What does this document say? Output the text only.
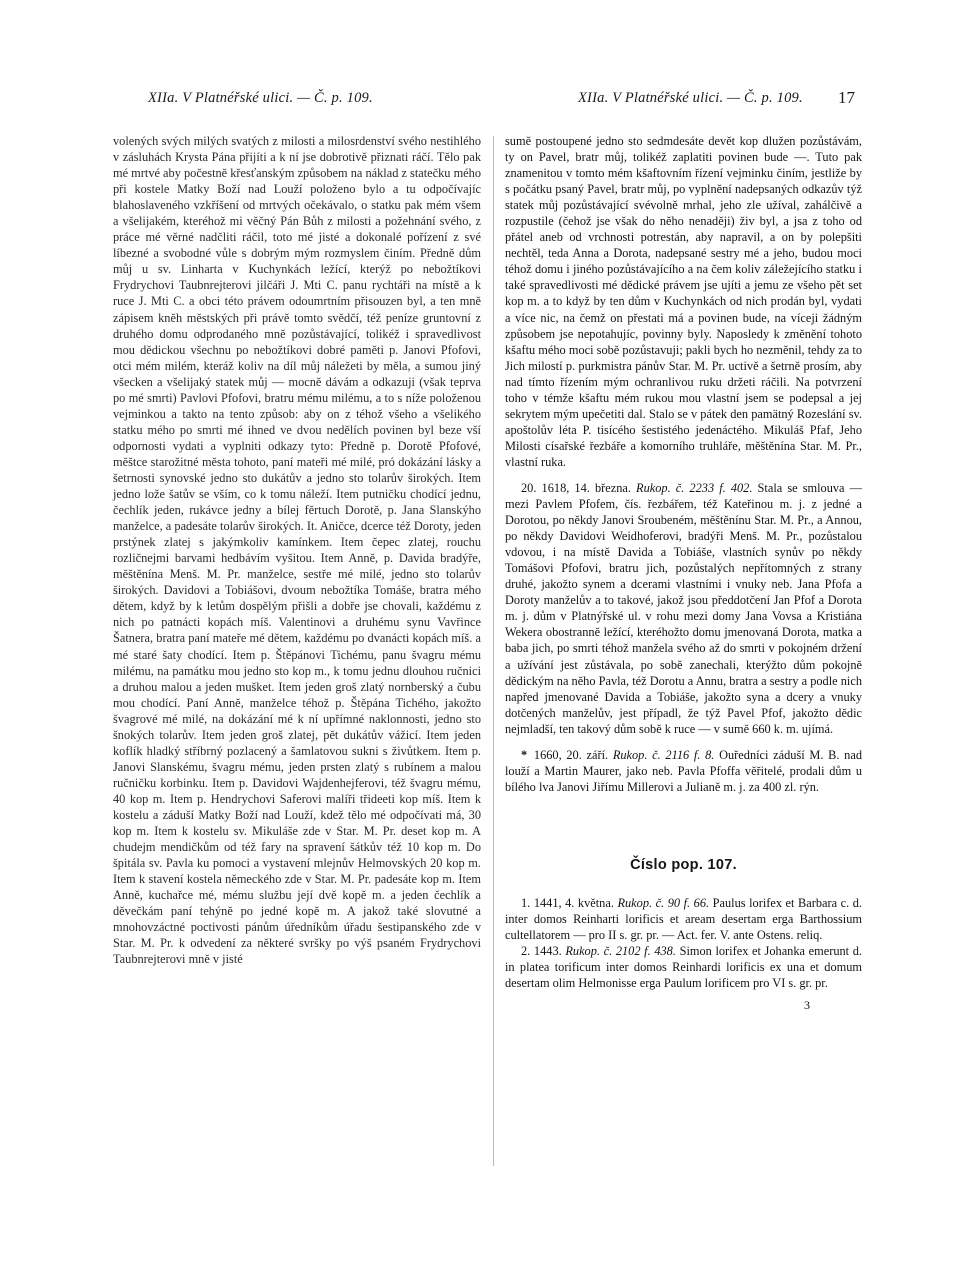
XIIa. V Platnéřské ulici. — Č. p. 109.	XIIa. V Platnéřské ulici. — Č. p. 109. 17

volených svých milých svatých z milosti a milosrdenství svého nestihlého v zásluhách Krysta Pána přijíti a k ní jse dobrotivě přiznati ráčí. Tělo pak mé mrtvé aby počestně křesťanským způsobem na náklad z statečku mého při kostele Matky Boží nad Louží položeno bylo a tu odpočívajíc blahoslaveného vzkříšení od mrtvých očekávalo, o statku pak mém všem a všelijakém, kteréhož mi věčný Pán Bůh z milosti a požehnání svého, z práce mé věrné nadčliti ráčil, toto mé jisté a dokonalé pořízení z své líbezné a svobodné vůle s dobrým mým rozmyslem činím. Předně dům můj u sv. Linharta v Kuchynkách ležící, kterýž po nebožtíkovi Frydrychovi Taubnrejterovi jilčáři J. Mti C. panu rychtáři na místě a k ruce J. Mti C. a obci této právem odoumrtním přisouzen byl, a ten mně zápisem kněh městských při právě tomto svědčí, též peníze gruntovní z druhého domu odprodaného mně pozůstávající, tolikéž i spravedlivost mou dědickou všechnu po nebožtíkovi dobré paměti p. Janovi Pfofovi, otci mém milém, kteráž koliv na díl můj náležeti by měla, a sumou jiný všecken a všelijaký statek můj — mocně dávám a odkazuji (však teprva po mé smrti) Pavlovi Pfofovi, bratru mému milému, a to s níže položenou vejminkou a takto na tento způsob: aby on z téhož všeho a všelikého statku mého po smrti mé ihned ve dvou nedělích povinen byl beze vší odpornosti vydati a vyplniti odkazy tyto: Předně p. Dorotě Pfofové, měštce starožitné města tohoto, paní mateři mé milé, pró dokázání lásky a šetrnosti synovské jedno sto dukátův a jedno sto tolarův širokých. Item jedno lože šatův se vším, co k tomu náleží. Item putničku chodící jednu, čechlík jeden, rukávce jedny a bílej fěrtuch Dorotě, p. Jana Slanskýho manželce, a padesáte tolarův širokých. It. Aničce, dcerce též Doroty, jeden prstýnek zlatej s jakýmkoliv kamínkem. Item čepec zlatej, rouchu rozličnejmi barvami hedbávím vyšitou. Item Anně, p. Davida bradýře, měštěnína Menš. M. Pr. manželce, sestře mé milé, jedno sto tolarův širokých. Davidovi a Tobiášovi, dvoum nebožtíka Tomáše, bratra mého dětem, když by k letům dospělým přišli a dobře jse chovali, každému z nich po patnácti kopách míš. Valentinovi a druhému synu Vavřince Šatnera, bratra paní mateře mé dětem, každému po dvanácti kopách míš. a mé staré šaty chodící. Item p. Štěpánovi Tichému, panu švagru mému milému, na památku mou jedno sto kop m., k tomu jednu dlouhou ručnici a druhou malou a jeden mušket. Item jeden groš zlatý nornberský a čubu mou chodící. Paní Anně, manželce téhož p. Štěpána Tichého, jakožto švagrové mé milé, na dokázání mé k ní upřímné naklonnosti, jedno sto šnokých tolarův. Item jeden groš zlatej, pět dukátův vážicí. Item jeden koflík hladký stříbrný pozlacený a šamlatovou sukni s živůtkem. Item p. Janovi Slanskému, švagru mému, jeden prsten zlatý s rubínem a malou ručničku korbinku. Item p. Davidovi Wajdenhejferovi, též švagru mému, 40 kop m. Item p. Hendrychovi Saferovi malíři třideeti kop míš. Item k kostelu a záduší Matky Boží nad Louží, kdež tělo mé odpočívati má, 30 kop m. Item k kostelu sv. Mikuláše zde v Star. M. Pr. deset kop m. A chudejm mendičkům od též fary na spravení šátkův též 10 kop m. Do špitála sv. Pavla ku pomoci a vystavení mlejnův Helmovských 20 kop m. Item k stavení kostela německého zde v Star. M. Pr. padesáte kop m. Item Anně, kuchařce mé, mému službu její dvě kopě m. a jeden čechlík a děvečkám paní tehýně po jedné kopě m. A jakož také slovutné a mnohovzáctné poctivosti pánům úředníkům úřadu šestipanského zde v Star. M. Pr. k odvedení za některé svršky po výš psaném Frydrychovi Taubnrejterovi mně v jisté

sumě postoupené jedno sto sedmdesáte devět kop dlužen pozůstávám, ty on Pavel, bratr můj, tolikéž zaplatiti povinen bude —. Tuto pak znamenitou v tomto mém kšaftovním řízení vejminku činím, jestliže by s počátku psaný Pavel, bratr můj, po vyplnění nadepsaných odkazův týž statek můj pozůstávající svévolně mrhal, jeho zle užíval, zahálčivě a rozpustile (čehož jse však do něho nenaději) živ byl, a jsa z toho od přátel aneb od vrchnosti potrestán, aby napravil, a on by polepšiti nechtěl, teda Anna a Dorota, nadepsané sestry mé a jeho, budou moci téhož domu i jiného pozůstávajícího a na čem koliv záležejícího statku i také spravedlivosti mé dědické právem jse ujíti a jemu ze všeho pět set kop m. a to když by ten dům v Kuchynkách od nich prodán byl, vydati a více nic, na čemž on přestati má a povinen bude, na víceji žádným způsobem jse nepotahujíc, povinny byly. Naposledy k změnění tohoto kšaftu mého moci sobě pozůstavuji; pakli bych ho nezměnil, tehdy za to Jich milostí p. purkmistra pánův Star. M. Pr. uctivě a šetrně prosím, aby nad tímto řízením mým ochranlivou ruku držeti ráčili. Na potvrzení toho v témže kšaftu mém rukou mou vlastní jsem se podepsal a jej sekrytem mým upečetiti dal. Stalo se v pátek den pamätný Rozeslání sv. apoštolův léta P. tisícého šestistého jedenáctého. Mikuláš Pfaf, Jeho Milosti císařské řezbáře a komorního truhláře, měštěnína Star. M. Pr., vlastní ruka.

20. 1618, 14. března. Rukop. č. 2233 f. 402. Stala se smlouva — mezi Pavlem Pfofem, čís. řezbářem, též Kateřinou m. j. z jedné a Dorotou, po někdy Janovi Sroubeném, měštěnínu Star. M. Pr., a Annou, po někdy Davidovi Weidhoferovi, bradýři Menš. M. Pr., pozůstalou vdovou, i na místě Davida a Tobiáše, vlastních synův po někdy Tomášovi Pfofovi, bratru jich, pozůstalých nepřítomných z strany druhé, jakožto synem a dcerami vlastními i vnuky neb. Jana Pfofa a Doroty manželův a to takové, jakož jsou předdotčení Jan Pfof a Dorota m. j. dům v Platnýřské ul. v rohu mezi domy Jana Vovsa a Kristiána Wekera obostranně ležící, kteréhožto domu jmenovaná Dorota, matka a baba jich, po smrti téhož manžela svého až do smrti v pokojném držení a užívání jest zůstávala, po sobě zanechali, kterýžto dům pokojně dědickým na něho Pavla, též Dorotu a Annu, bratra a sestry a podle nich napřed jmenované Davida a Tobiáše, jakožto syna a dcery a vnuky dotčených manželův, jest případl, že týž Pavel Pfof, jakožto dědic nejmladší, ten takový dům sobě k ruce — v sumě 660 k. m. ujímá.

* 1660, 20. září. Rukop. č. 2116 f. 8. Ouředníci záduší M. B. nad louží a Martin Maurer, jako neb. Pavla Pfoffa věřitelé, prodali dům u bílého lva Janovi Jiřímu Millerovi a Julianě m. j. za 400 zl. rýn.

Číslo pop. 107.

1. 1441, 4. května. Rukop. č. 90 f. 66. Paulus lorifex et Barbara c. d. inter domos Reinharti lorificis et aream desertam erga Barthossium cultellatorem — pro II s. gr. pr. — Act. fer. V. ante Ostens. reliq.

2. 1443. Rukop. č. 2102 f. 438. Simon lorifex et Johanka emerunt d. in platea torificum inter domos Reinhardi lorificis ex una et domum desertam olim Helmonisse erga Paulum lorificem pro VI s. gr. pr.

3
